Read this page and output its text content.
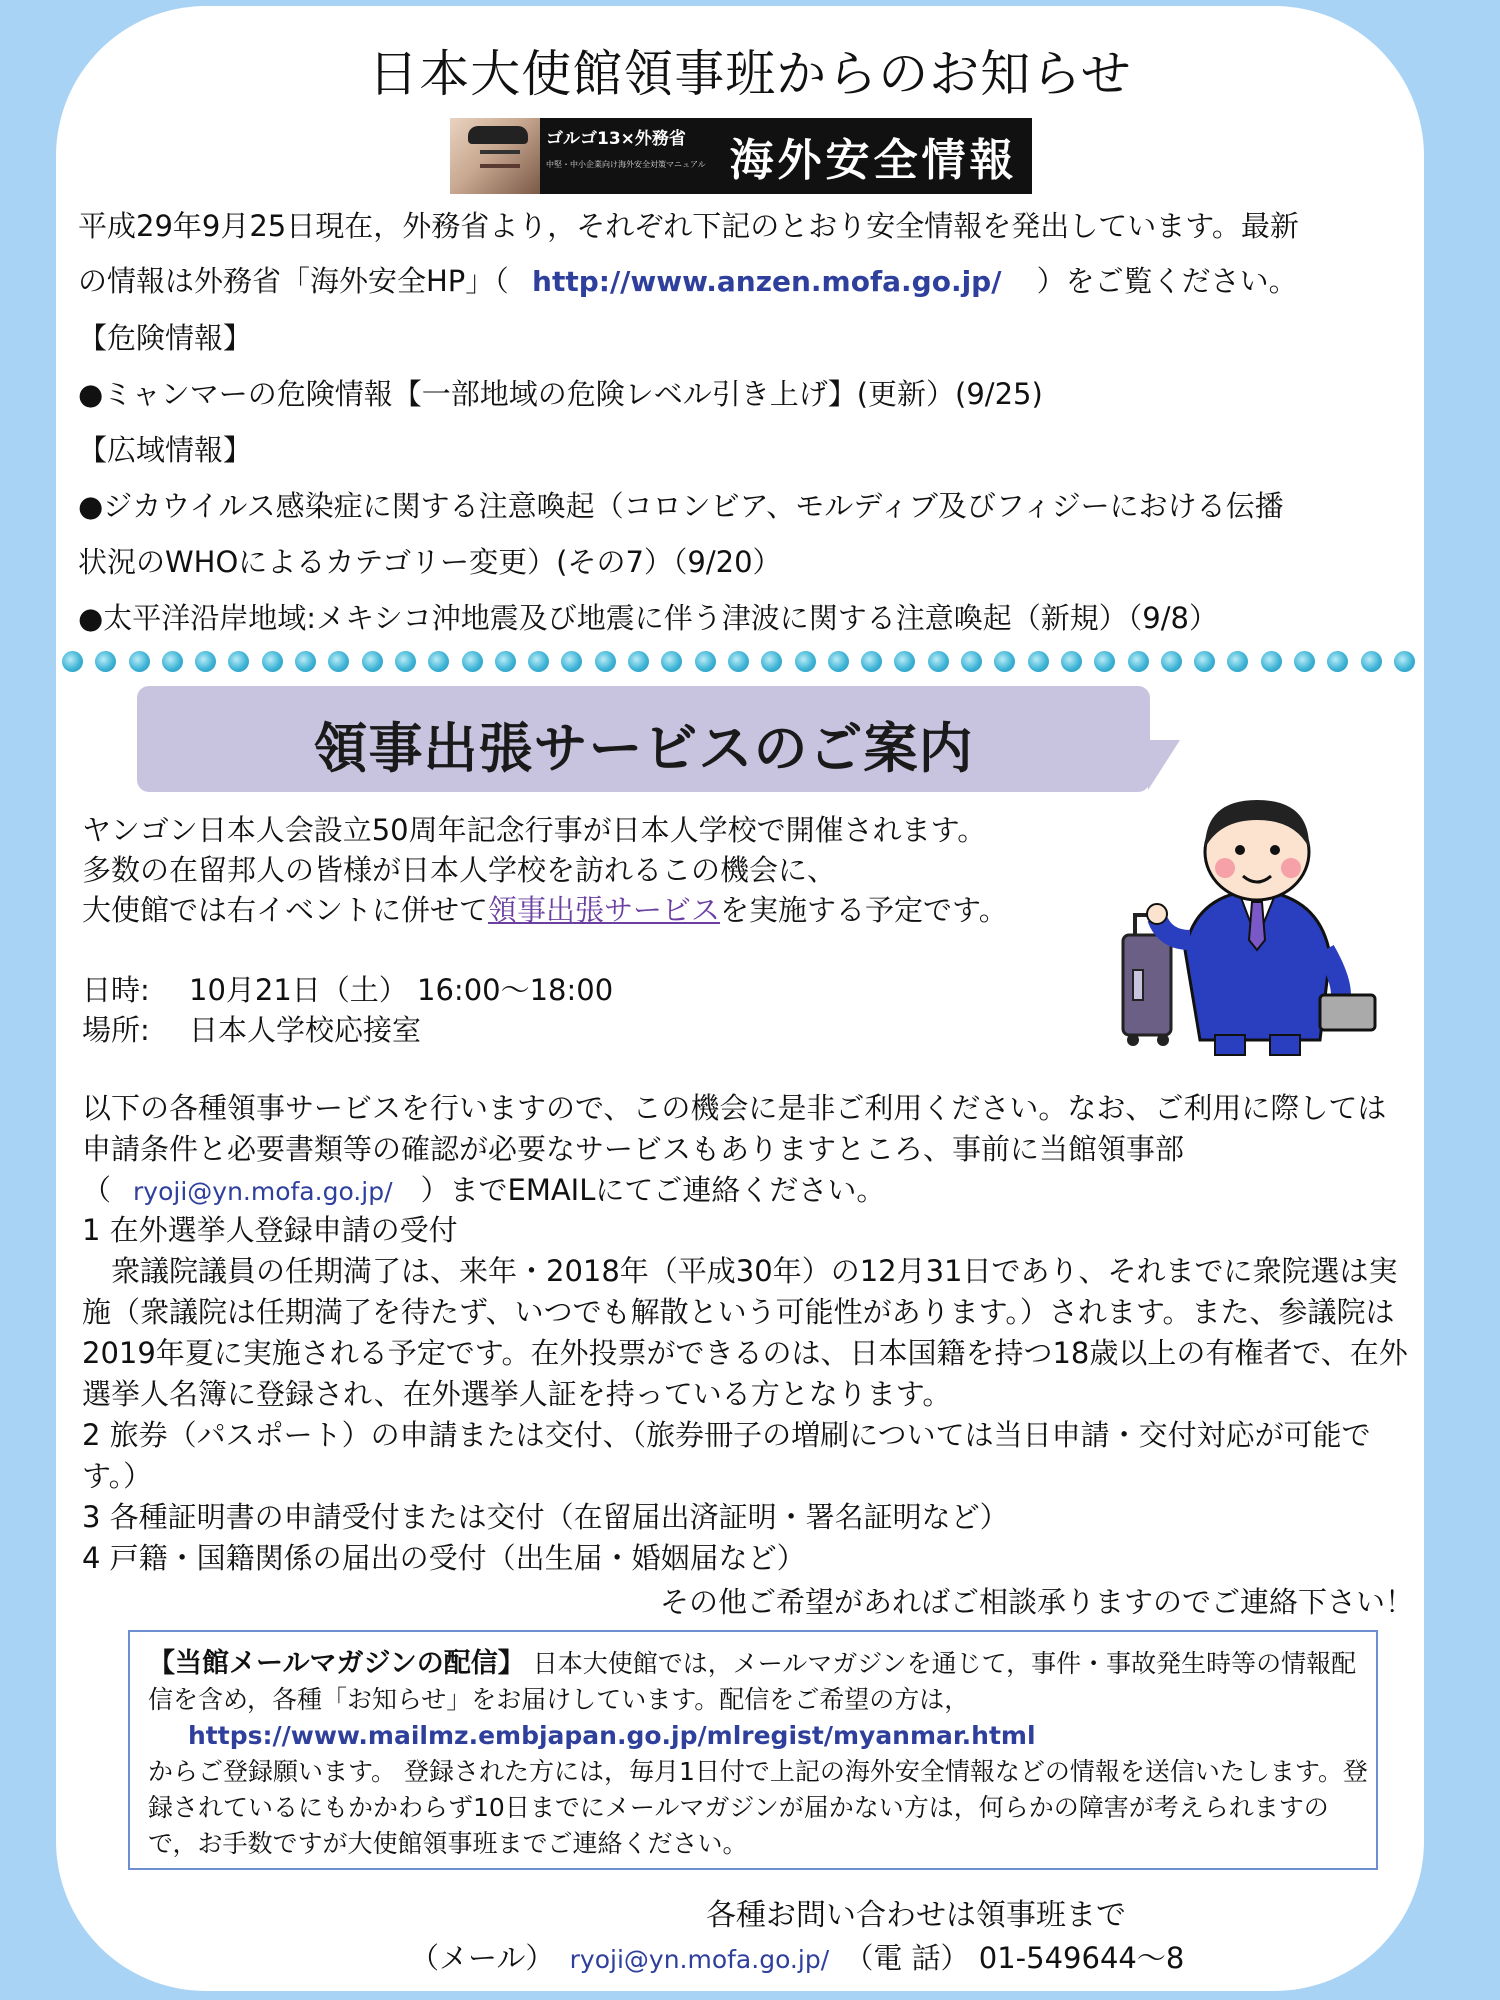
日本大使館領事班からのお知らせ
ゴルゴ13×外務省
中堅・中小企業向け海外安全対策マニュアル 海外安全情報
平成29年9月25日現在，外務省より，それぞれ下記のとおり安全情報を発出しています。最新
の情報は外務省「海外安全HP」（ http://www.anzen.mofa.go.jp/ ）をご覧ください。
【危険情報】
●ミャンマーの危険情報【一部地域の危険レベル引き上げ】(更新）(9/25)
【広域情報】
●ジカウイルス感染症に関する注意喚起（コロンビア、モルディブ及びフィジーにおける伝播
状況のWHOによるカテゴリー変更）(その7）（9/20）
●太平洋沿岸地域:メキシコ沖地震及び地震に伴う津波に関する注意喚起（新規）（9/8）
領事出張サービスのご案内
ヤンゴン日本人会設立50周年記念行事が日本人学校で開催されます。
多数の在留邦人の皆様が日本人学校を訪れるこの機会に、
大使館では右イベントに併せて領事出張サービスを実施する予定です。
日時: 10月21日（土） 16:00～18:00
場所: 日本人学校応接室
以下の各種領事サービスを行いますので、この機会に是非ご利用ください。なお、ご利用に際しては申請条件と必要書類等の確認が必要なサービスもありますところ、事前に当館領事部（ ryoji@yn.mofa.go.jp/ ）までEMAILにてご連絡ください。
1 在外選挙人登録申請の受付
　衆議院議員の任期満了は、来年・2018年（平成30年）の12月31日であり、それまでに衆院選は実施（衆議院は任期満了を待たず、いつでも解散という可能性があります。）されます。また、参議院は2019年夏に実施される予定です。在外投票ができるのは、日本国籍を持つ18歳以上の有権者で、在外選挙人名簿に登録され、在外選挙人証を持っている方となります。
2 旅券（パスポート）の申請または交付、（旅券冊子の増刷については当日申請・交付対応が可能です。）
3 各種証明書の申請受付または交付（在留届出済証明・署名証明など）
4 戸籍・国籍関係の届出の受付（出生届・婚姻届など）
その他ご希望があればご相談承りますのでご連絡下さい！
【当館メールマガジンの配信】 日本大使館では，メールマガジンを通じて，事件・事故発生時等の情報配信を含め，各種「お知らせ」をお届けしています。配信をご希望の方は，
https://www.mailmz.embjapan.go.jp/mlregist/myanmar.html
からご登録願います。 登録された方には，毎月1日付で上記の海外安全情報などの情報を送信いたします。登録されているにもかかわらず10日までにメールマガジンが届かない方は，何らかの障害が考えられますので，お手数ですが大使館領事班までご連絡ください。
各種お問い合わせは領事班まで
（メール） ryoji@yn.mofa.go.jp/ （電 話） 01-549644～8
